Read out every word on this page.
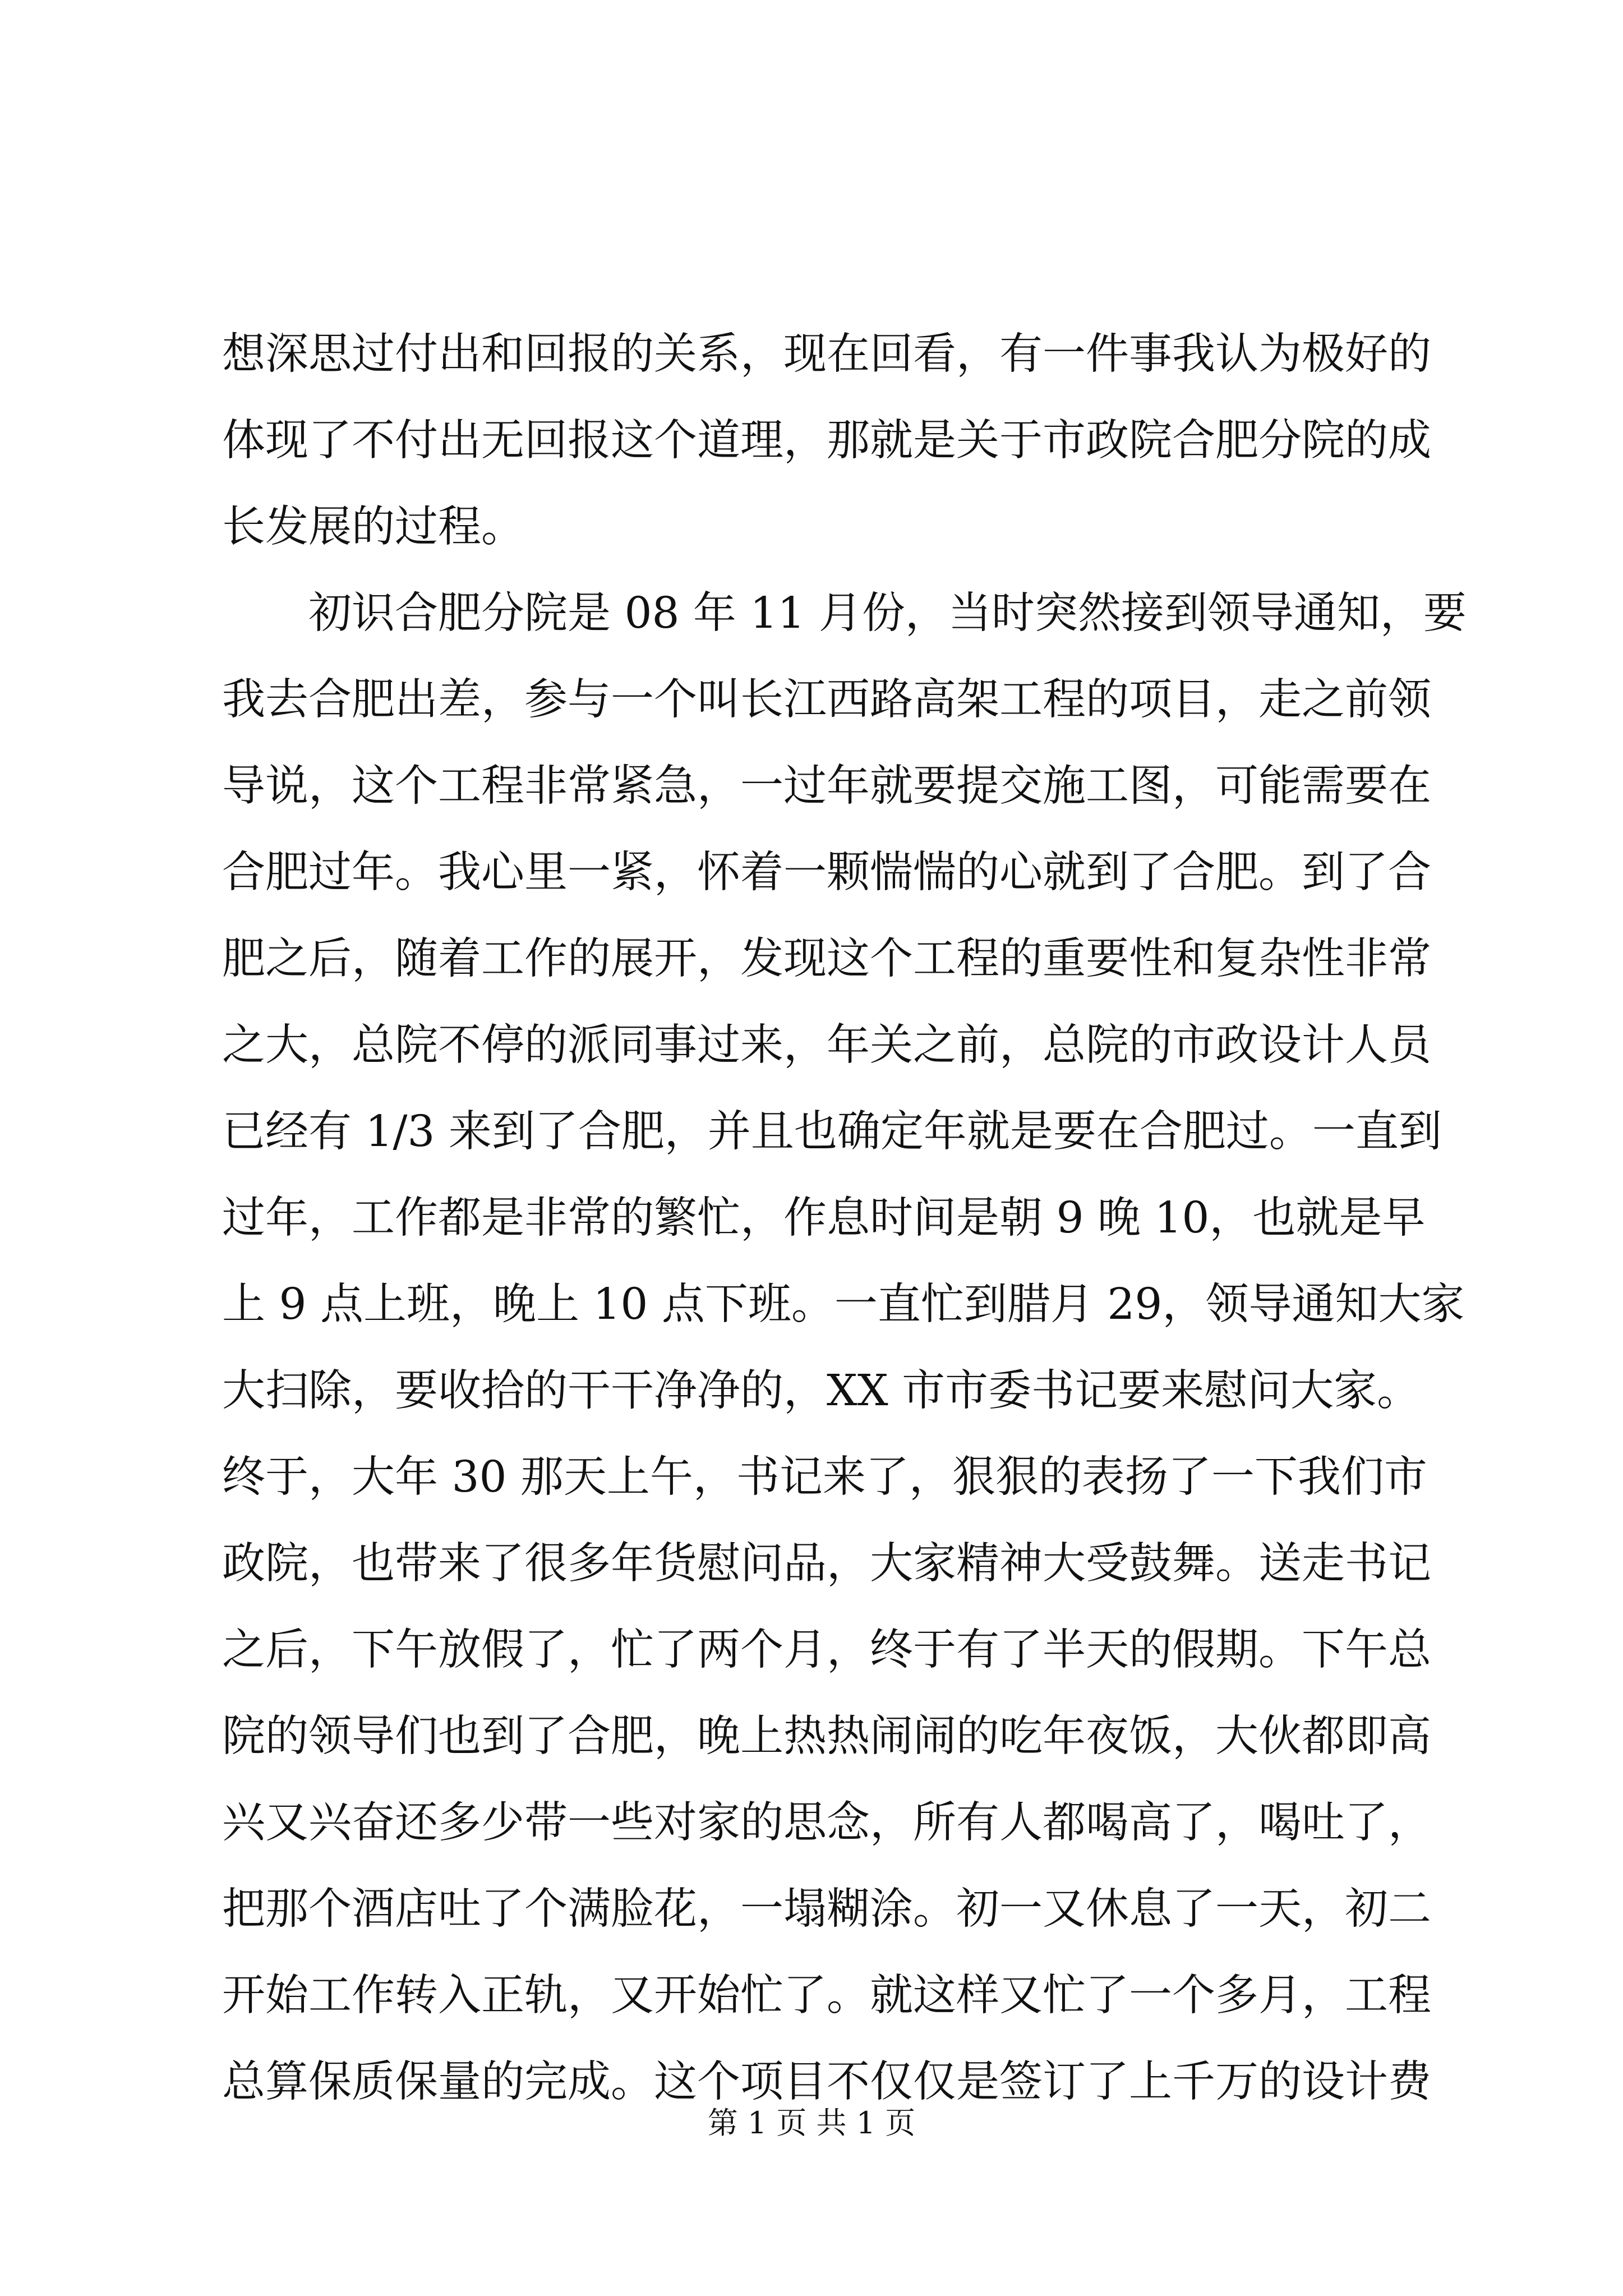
想深思过付出和回报的关系，现在回看，有一件事我认为极好的
体现了不付出无回报这个道理，那就是关于市政院合肥分院的成
长发展的过程。
初识合肥分院是 08 年 11 月份，当时突然接到领导通知，要
我去合肥出差，参与一个叫长江西路高架工程的项目，走之前领
导说，这个工程非常紧急，一过年就要提交施工图，可能需要在
合肥过年。我心里一紧，怀着一颗惴惴的心就到了合肥。到了合
肥之后，随着工作的展开，发现这个工程的重要性和复杂性非常
之大，总院不停的派同事过来，年关之前，总院的市政设计人员
已经有 1/3 来到了合肥，并且也确定年就是要在合肥过。一直到
过年，工作都是非常的繁忙，作息时间是朝 9 晚 10，也就是早
上 9 点上班，晚上 10 点下班。一直忙到腊月 29，领导通知大家
大扫除，要收拾的干干净净的，XX 市市委书记要来慰问大家。
终于，大年 30 那天上午，书记来了，狠狠的表扬了一下我们市
政院，也带来了很多年货慰问品，大家精神大受鼓舞。送走书记
之后，下午放假了，忙了两个月，终于有了半天的假期。下午总
院的领导们也到了合肥，晚上热热闹闹的吃年夜饭，大伙都即高
兴又兴奋还多少带一些对家的思念，所有人都喝高了，喝吐了，
把那个酒店吐了个满脸花，一塌糊涂。初一又休息了一天，初二
开始工作转入正轨，又开始忙了。就这样又忙了一个多月，工程
总算保质保量的完成。这个项目不仅仅是签订了上千万的设计费
第 1 页 共 1 页
